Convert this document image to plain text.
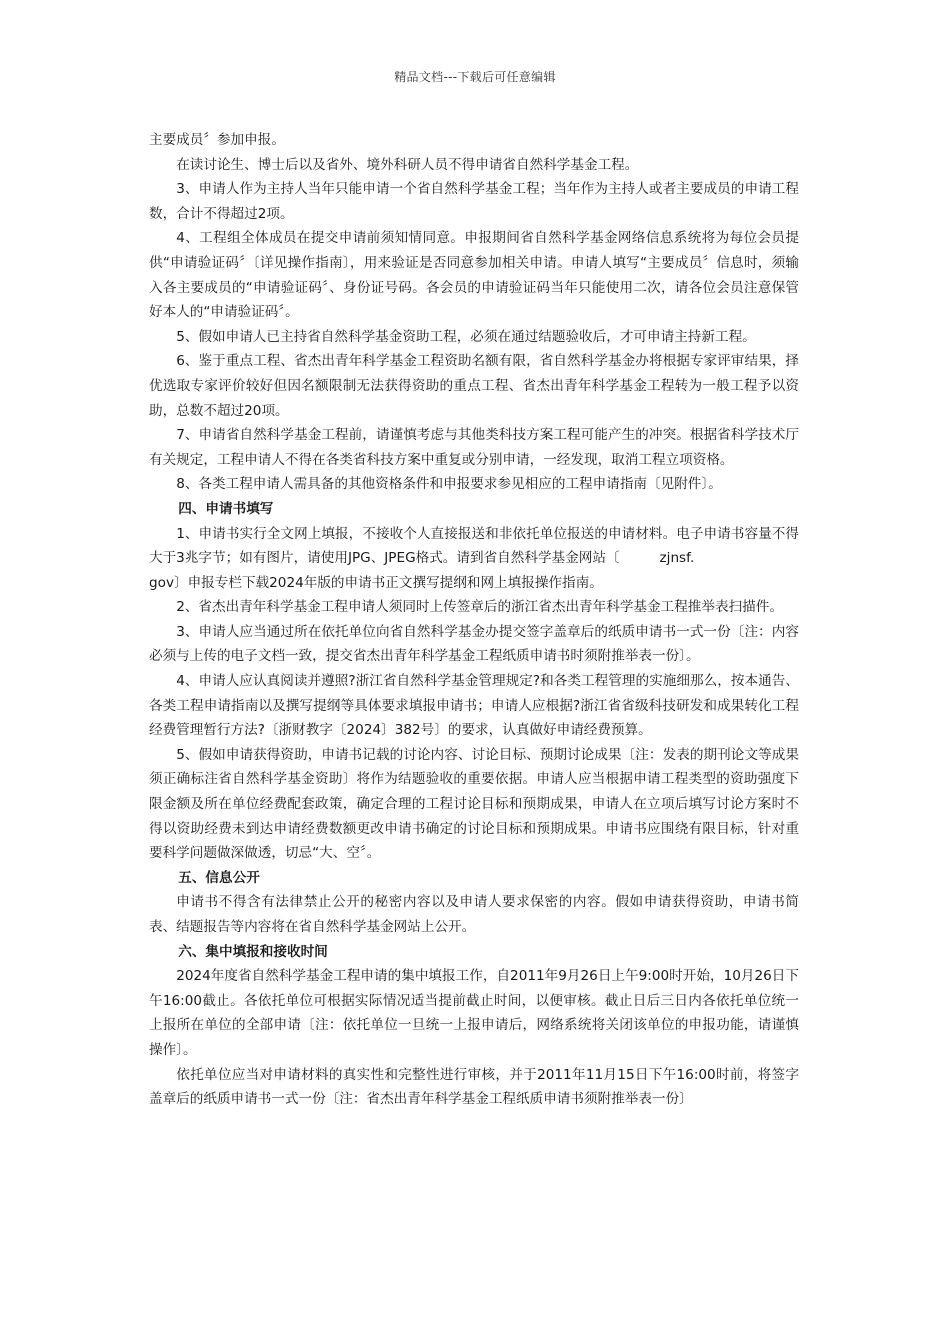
精品文档---下载后可任意编辑

主要成员〞参加申报。

在读讨论生、博士后以及省外、境外科研人员不得申请省自然科学基金工程。

3、申请人作为主持人当年只能申请一个省自然科学基金工程；当年作为主持人或者主要成员的申请工程数，合计不得超过2项。

4、工程组全体成员在提交申请前须知情同意。申报期间省自然科学基金网络信息系统将为每位会员提供“申请验证码〞〔详见操作指南〕，用来验证是否同意参加相关申请。申请人填写“主要成员〞信息时，须输入各主要成员的“申请验证码〞、身份证号码。各会员的申请验证码当年只能使用二次，请各位会员注意保管好本人的“申请验证码〞。

5、假如申请人已主持省自然科学基金资助工程，必须在通过结题验收后，才可申请主持新工程。

6、鉴于重点工程、省杰出青年科学基金工程资助名额有限，省自然科学基金办将根据专家评审结果，择优选取专家评价较好但因名额限制无法获得资助的重点工程、省杰出青年科学基金工程转为一般工程予以资助，总数不超过20项。

7、申请省自然科学基金工程前，请谨慎考虑与其他类科技方案工程可能产生的冲突。根据省科学技术厅有关规定，工程申请人不得在各类省科技方案中重复或分别申请，一经发现，取消工程立项资格。

8、各类工程申请人需具备的其他资格条件和申报要求参见相应的工程申请指南〔见附件〕。

四、申请书填写

1、申请书实行全文网上填报，不接收个人直接报送和非依托单位报送的申请材料。电子申请书容量不得大于3兆字节；如有图片，请使用JPG、JPEG格式。请到省自然科学基金网站〔	zjnsf.

gov〕申报专栏下载2024年版的申请书正文撰写提纲和网上填报操作指南。

2、省杰出青年科学基金工程申请人须同时上传签章后的浙江省杰出青年科学基金工程推举表扫描件。

3、申请人应当通过所在依托单位向省自然科学基金办提交签字盖章后的纸质申请书一式一份〔注：内容必须与上传的电子文档一致，提交省杰出青年科学基金工程纸质申请书时须附推举表一份〕。

4、申请人应认真阅读并遵照?浙江省自然科学基金管理规定?和各类工程管理的实施细那么，按本通告、各类工程申请指南以及撰写提纲等具体要求填报申请书；申请人应根据?浙江省省级科技研发和成果转化工程经费管理暂行方法?〔浙财教字〔2024〕382号〕的要求，认真做好申请经费预算。

5、假如申请获得资助，申请书记载的讨论内容、讨论目标、预期讨论成果〔注：发表的期刊论文等成果须正确标注省自然科学基金资助〕将作为结题验收的重要依据。申请人应当根据申请工程类型的资助强度下限金额及所在单位经费配套政策，确定合理的工程讨论目标和预期成果，申请人在立项后填写讨论方案时不得以资助经费未到达申请经费数额更改申请书确定的讨论目标和预期成果。申请书应围绕有限目标，针对重要科学问题做深做透，切忌“大、空〞。

五、信息公开

申请书不得含有法律禁止公开的秘密内容以及申请人要求保密的内容。假如申请获得资助，申请书简表、结题报告等内容将在省自然科学基金网站上公开。

六、集中填报和接收时间

2024年度省自然科学基金工程申请的集中填报工作，自2011年9月26日上午9:00时开始，10月26日下午16:00截止。各依托单位可根据实际情况适当提前截止时间，以便审核。截止日后三日内各依托单位统一上报所在单位的全部申请〔注：依托单位一旦统一上报申请后，网络系统将关闭该单位的申报功能，请谨慎操作〕。

依托单位应当对申请材料的真实性和完整性进行审核，并于2011年11月15日下午16:00时前，将签字盖章后的纸质申请书一式一份〔注：省杰出青年科学基金工程纸质申请书须附推举表一份〕
